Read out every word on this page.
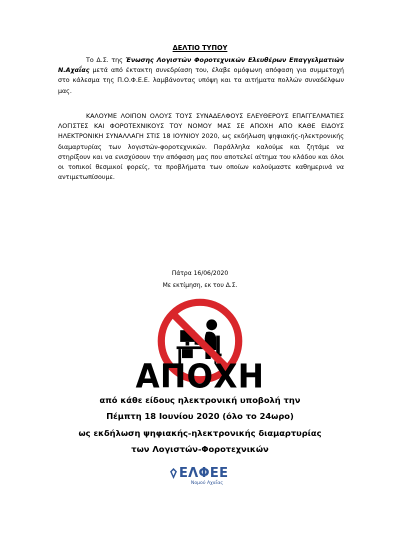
ΔΕΛΤΙΟ ΤΥΠΟΥ
Το Δ.Σ. της Ένωσης Λογιστών Φοροτεχνικών Ελευθέρων Επαγγελματιών Ν.Αχαΐας μετά από έκτακτη συνεδρίαση του, έλαβε ομόφωνη απόφαση για συμμετοχή στο κάλεσμα της Π.Ο.Φ.Ε.Ε. λαμβάνοντας υπόψη και τα αιτήματα πολλών συναδέλφων μας.
ΚΑΛΟΥΜΕ ΛΟΙΠΟΝ ΟΛΟΥΣ ΤΟΥΣ ΣΥΝΑΔΕΛΦΟΥΣ ΕΛΕΥΘΕΡΟΥΣ ΕΠΑΓΓΕΛΜΑΤΙΕΣ ΛΟΓΙΣΤΕΣ ΚΑΙ ΦΟΡΟΤΕΧΝΙΚΟΥΣ ΤΟΥ ΝΟΜΟΥ ΜΑΣ ΣΕ ΑΠΟΧΗ ΑΠΟ ΚΑΘΕ ΕΙΔΟΥΣ ΗΛΕΚΤΡΟΝΙΚΗ ΣΥΝΑΛΛΑΓΗ ΣΤΙΣ 18 ΙΟΥΝΙΟΥ 2020, ως εκδήλωση ψηφιακής-ηλεκτρονικής διαμαρτυρίας των λογιστών-φοροτεχνικών. Παράλληλα καλούμε και ζητάμε να στηρίξουν και να ενισχύσουν την απόφαση μας που αποτελεί αίτημα του κλάδου και όλοι οι τοπικοί θεσμικοί φορείς, τα προβλήματα των οποίων καλούμαστε καθημερινά να αντιμετωπίσουμε.
Πάτρα 16/06/2020
Με εκτίμηση, εκ του Δ.Σ.
ΑΠΟΧΗ
από κάθε είδους ηλεκτρονική υποβολή την
Πέμπτη 18 Ιουνίου 2020 (όλο το 24ωρο)
ως εκδήλωση ψηφιακής-ηλεκτρονικής διαμαρτυρίας
των Λογιστών-Φοροτεχνικών
ΕΛΦΕΕ
Νομού Αχαΐας
